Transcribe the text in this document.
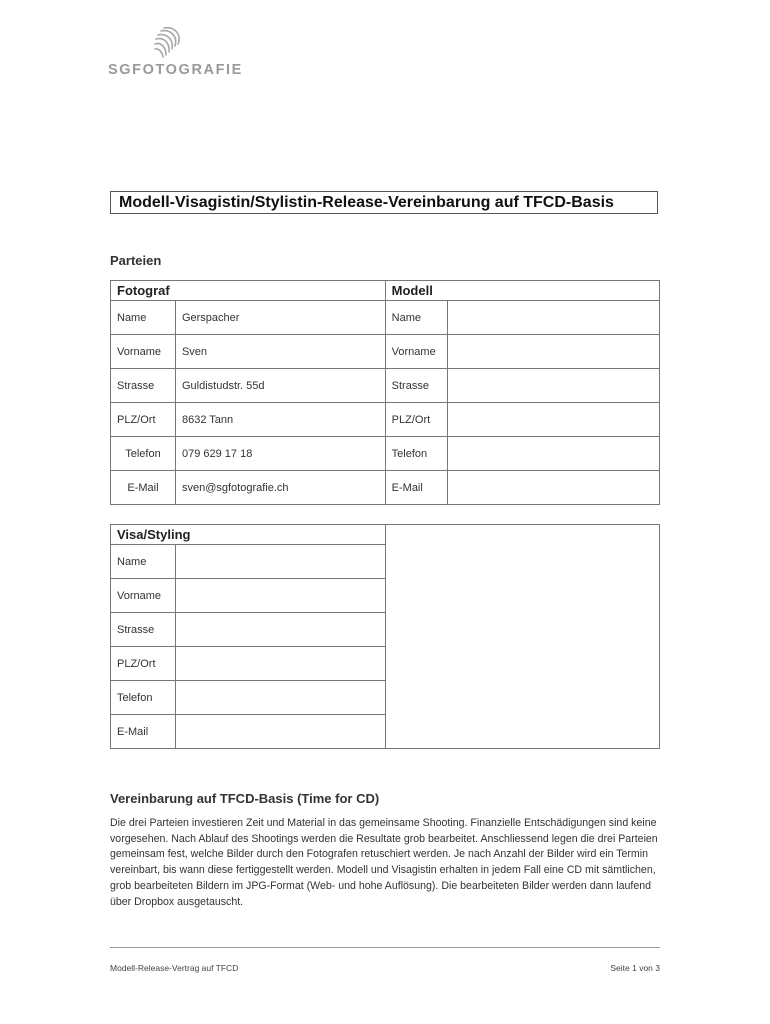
SGFOTOGRAFIE
Modell-Visagistin/Stylistin-Release-Vereinbarung auf TFCD-Basis
Parteien
Fotograf		Modell	
Name	Gerspacher	Name	
Vorname	Sven	Vorname	
Strasse	Guldistudstr. 55d	Strasse	
PLZ/Ort	8632 Tann	PLZ/Ort	
Telefon	079 629 17 18	Telefon	
E-Mail	sven@sgfotografie.ch	E-Mail	
Visa/Styling		
Name		
Vorname		
Strasse		
PLZ/Ort		
Telefon		
E-Mail		
Vereinbarung auf TFCD-Basis (Time for CD)
Die drei Parteien investieren Zeit und Material in das gemeinsame Shooting. Finanzielle Entschädigungen sind keine vorgesehen. Nach Ablauf des Shootings werden die Resultate grob bearbeitet. Anschliessend legen die drei Parteien gemeinsam fest, welche Bilder durch den Fotografen retuschiert werden. Je nach Anzahl der Bilder wird ein Termin vereinbart, bis wann diese fertiggestellt werden. Modell und Visagistin erhalten in jedem Fall eine CD mit sämtlichen, grob bearbeiteten Bildern im JPG-Format (Web- und hohe Auflösung). Die bearbeiteten Bilder werden dann laufend über Dropbox ausgetauscht.
Modell-Release-Vertrag auf TFCD	Seite 1 von 3
